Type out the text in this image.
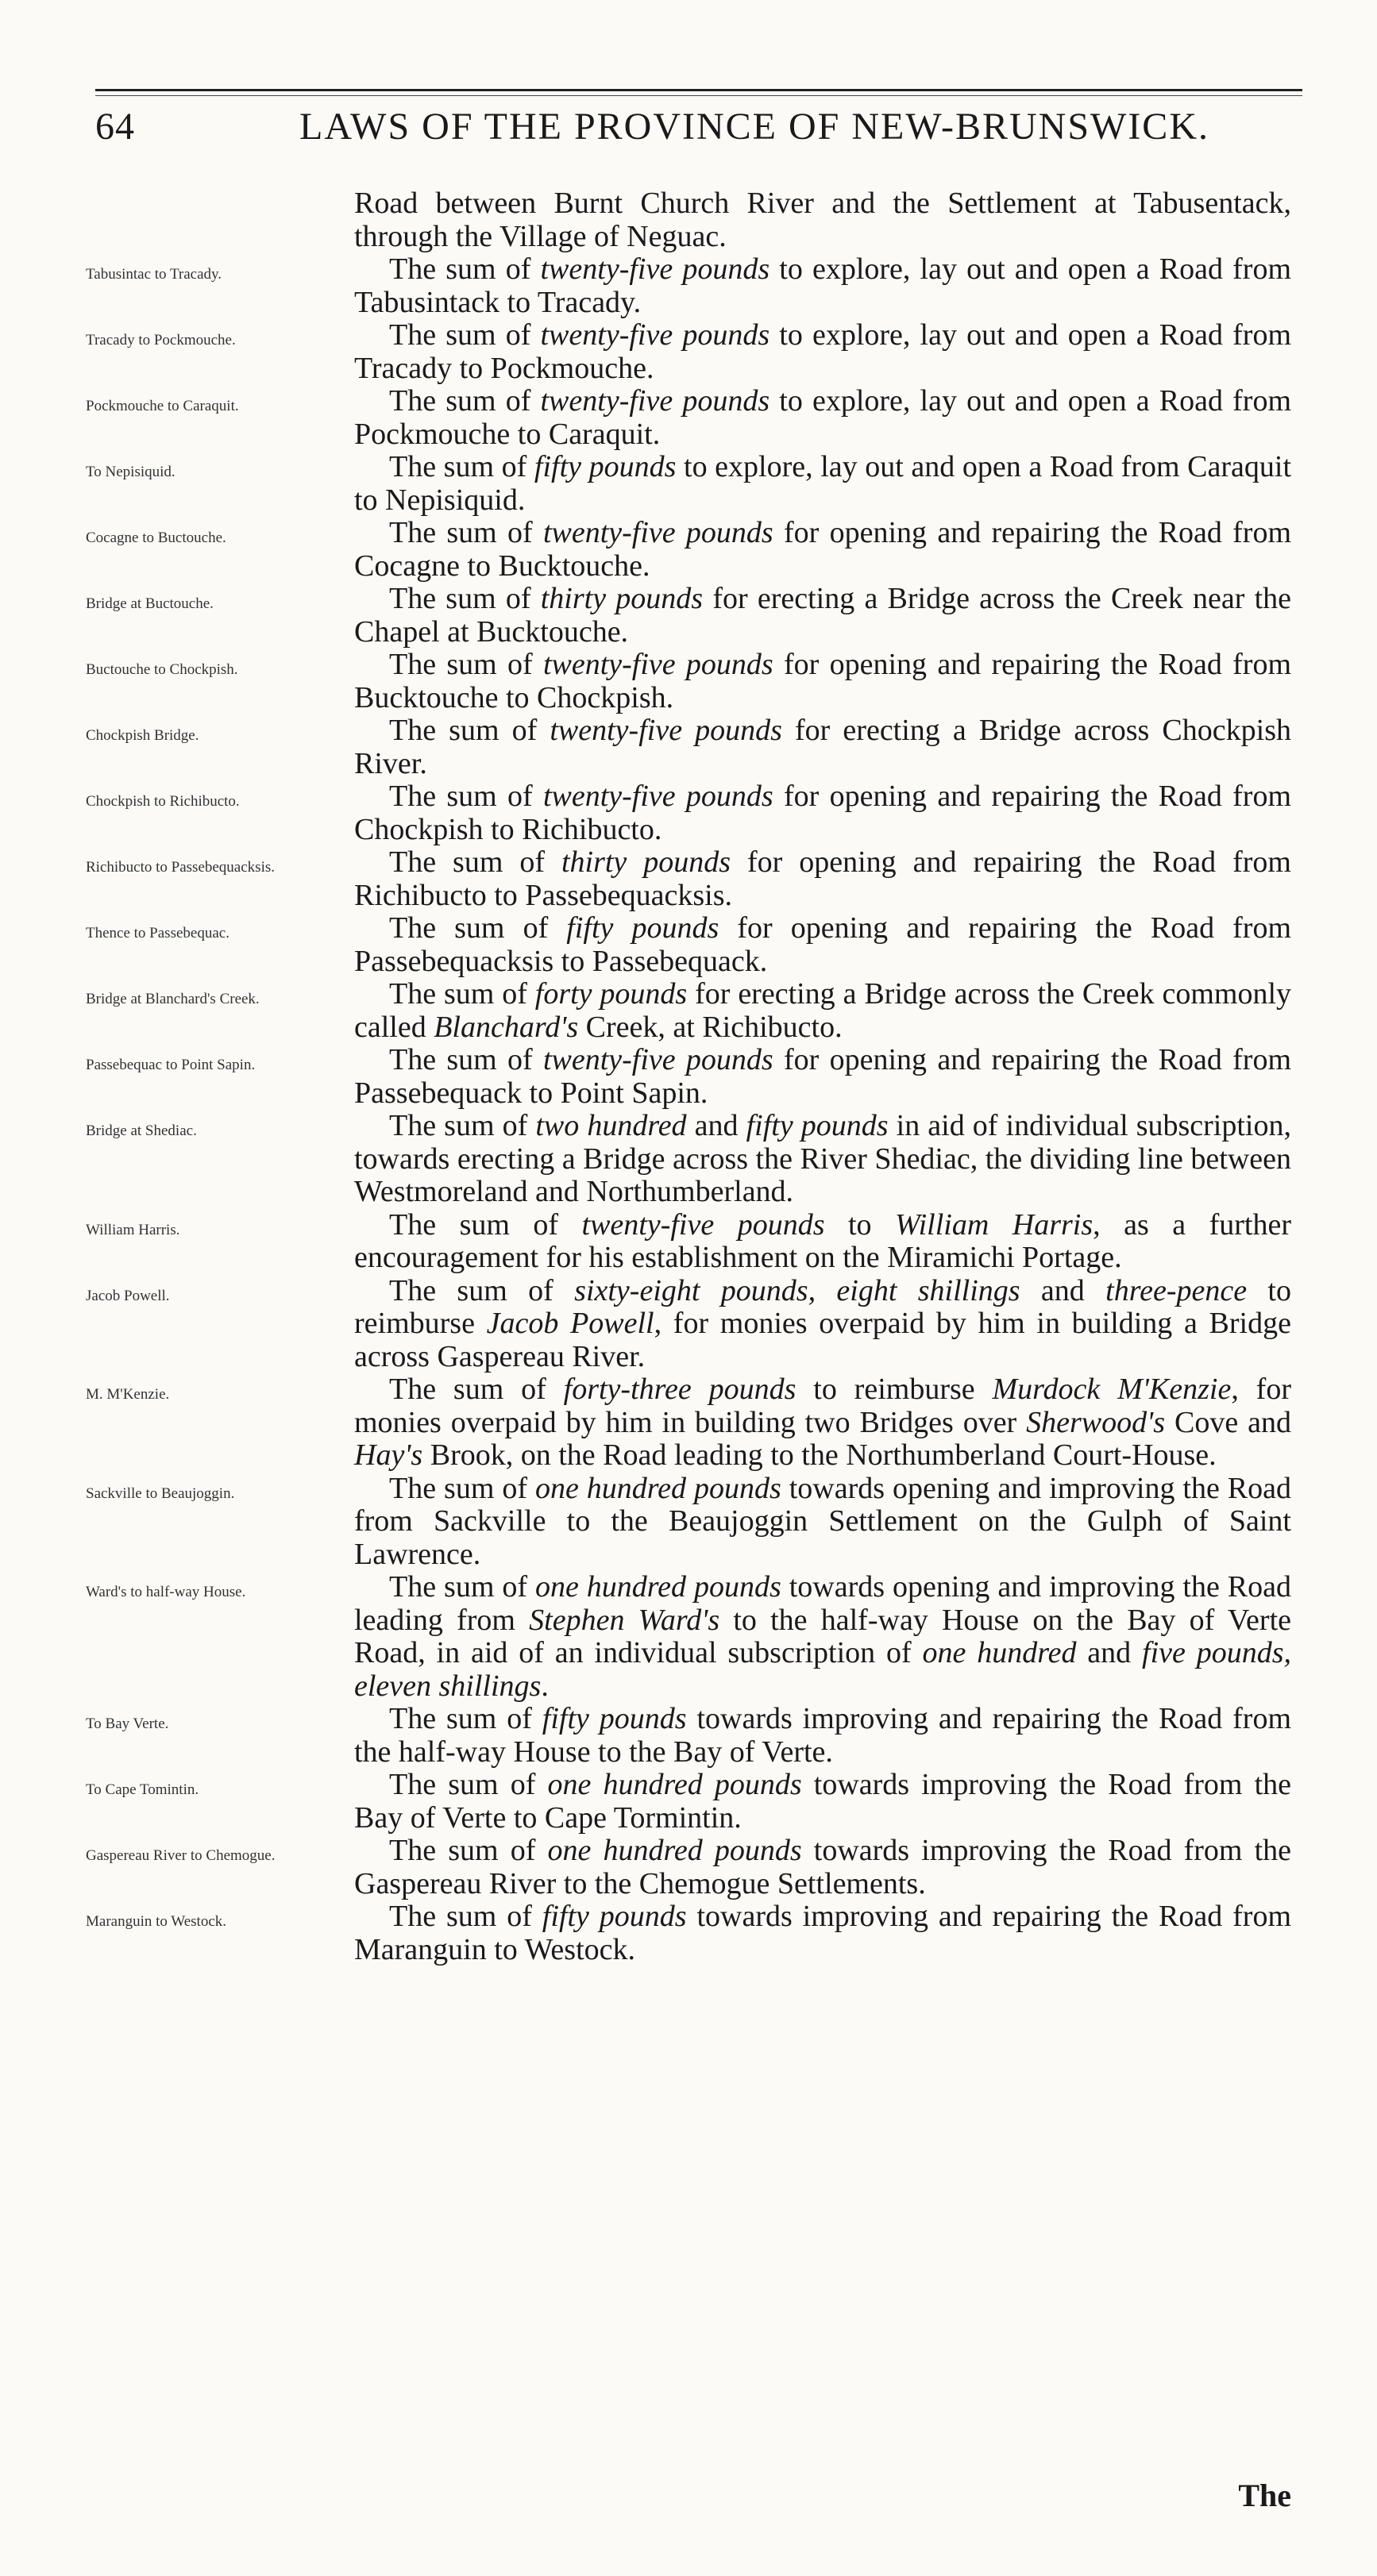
64	LAWS OF THE PROVINCE OF NEW-BRUNSWICK.
Road between Burnt Church River and the Settlement at Tabusentack, through the Village of Neguac.
Tabusintac to Tracady.	The sum of twenty-five pounds to explore, lay out and open a Road from Tabusintack to Tracady.
Tracady to Pockmouche.	The sum of twenty-five pounds to explore, lay out and open a Road from Tracady to Pockmouche.
Pockmouche to Caraquit.	The sum of twenty-five pounds to explore, lay out and open a Road from Pockmouche to Caraquit.
To Nepisiquid.	The sum of fifty pounds to explore, lay out and open a Road from Caraquit to Nepisiquid.
Cocagne to Buctouche.	The sum of twenty-five pounds for opening and repairing the Road from Cocagne to Bucktouche.
Bridge at Buctouche.	The sum of thirty pounds for erecting a Bridge across the Creek near the Chapel at Bucktouche.
Buctouche to Chockpish.	The sum of twenty-five pounds for opening and repairing the Road from Bucktouche to Chockpish.
Chockpish Bridge.	The sum of twenty-five pounds for erecting a Bridge across Chockpish River.
Chockpish to Richibucto.	The sum of twenty-five pounds for opening and repairing the Road from Chockpish to Richibucto.
Richibucto to Passebequacksis.	The sum of thirty pounds for opening and repairing the Road from Richibucto to Passebequacksis.
Thence to Passebequac.	The sum of fifty pounds for opening and repairing the Road from Passebequacksis to Passebequack.
Bridge at Blanchard's Creek.	The sum of forty pounds for erecting a Bridge across the Creek commonly called Blanchard's Creek, at Richibucto.
Passebequac to Point Sapin.	The sum of twenty-five pounds for opening and repairing the Road from Passebequack to Point Sapin.
Bridge at Shediac.	The sum of two hundred and fifty pounds in aid of individual subscription, towards erecting a Bridge across the River Shediac, the dividing line between Westmoreland and Northumberland.
William Harris.	The sum of twenty-five pounds to William Harris, as a further encouragement for his establishment on the Miramichi Portage.
Jacob Powell.	The sum of sixty-eight pounds, eight shillings and three-pence to reimburse Jacob Powell, for monies overpaid by him in building a Bridge across Gaspereau River.
M. M'Kenzie.	The sum of forty-three pounds to reimburse Murdock M'Kenzie, for monies overpaid by him in building two Bridges over Sherwood's Cove and Hay's Brook, on the Road leading to the Northumberland Court-House.
Sackville to Beaujoggin.	The sum of one hundred pounds towards opening and improving the Road from Sackville to the Beaujoggin Settlement on the Gulph of Saint Lawrence.
Ward's to half-way House.	The sum of one hundred pounds towards opening and improving the Road leading from Stephen Ward's to the half-way House on the Bay of Verte Road, in aid of an individual subscription of one hundred and five pounds, eleven shillings.
To Bay Verte.	The sum of fifty pounds towards improving and repairing the Road from the half-way House to the Bay of Verte.
To Cape Tomintin.	The sum of one hundred pounds towards improving the Road from the Bay of Verte to Cape Tormintin.
Gaspereau River to Chemogue.	The sum of one hundred pounds towards improving the Road from the Gaspereau River to the Chemogue Settlements.
Maranguin to Westock.	The sum of fifty pounds towards improving and repairing the Road from Maranguin to Westock.
The
